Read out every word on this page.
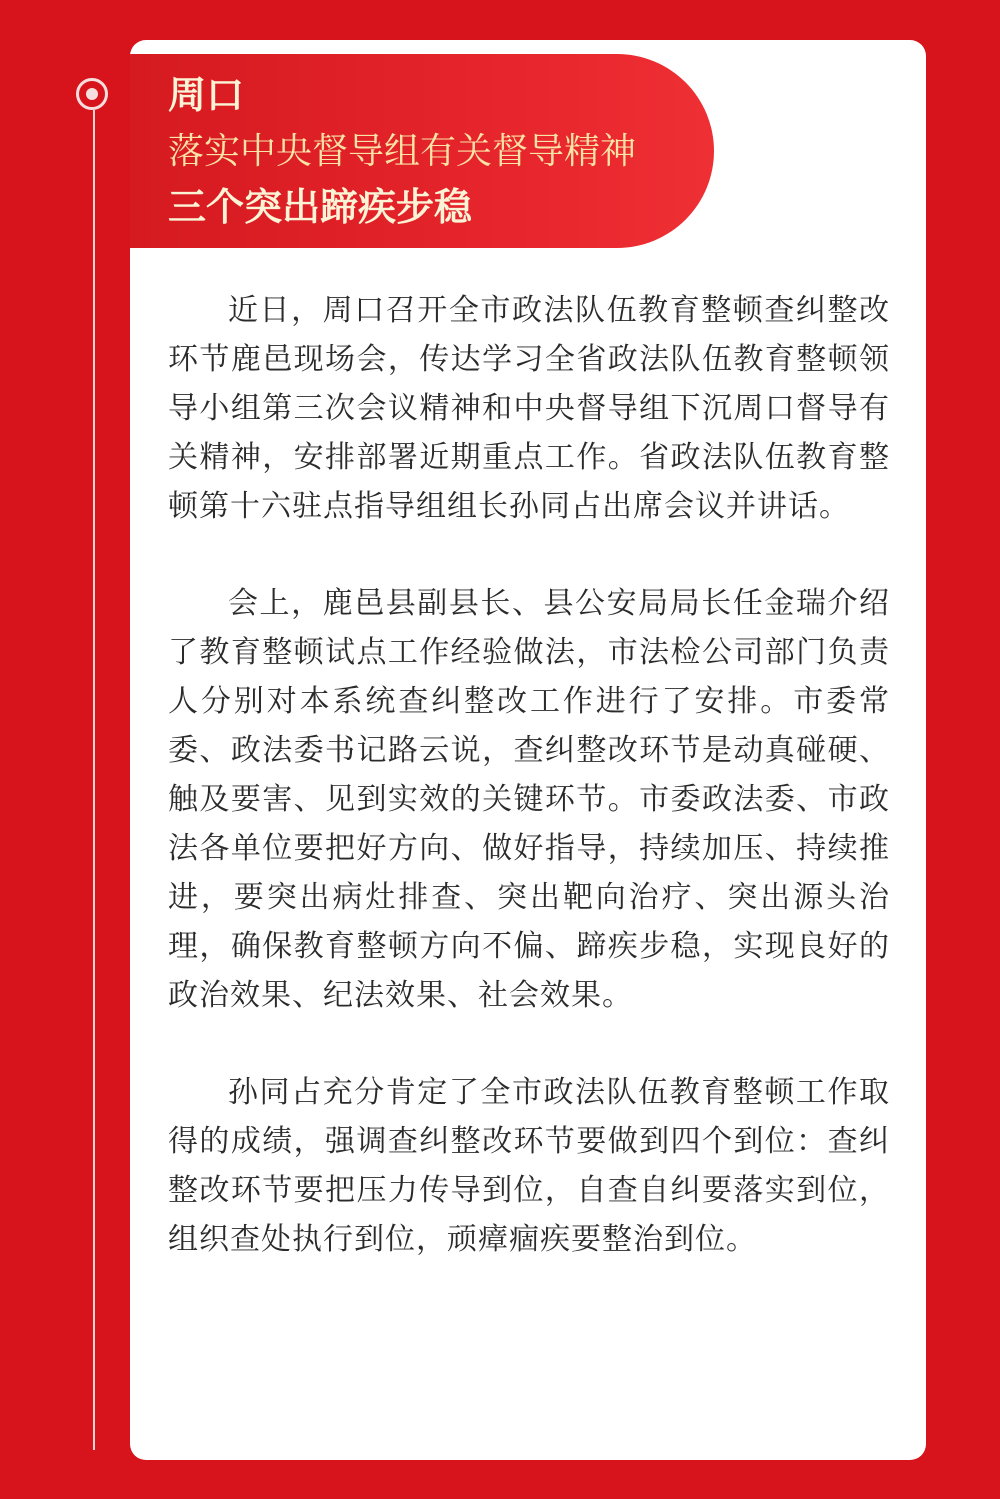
周口
落实中央督导组有关督导精神
三个突出蹄疾步稳

近日，周口召开全市政法队伍教育整顿查纠整改环节鹿邑现场会，传达学习全省政法队伍教育整顿领导小组第三次会议精神和中央督导组下沉周口督导有关精神，安排部署近期重点工作。省政法队伍教育整顿第十六驻点指导组组长孙同占出席会议并讲话。

会上，鹿邑县副县长、县公安局局长任金瑞介绍了教育整顿试点工作经验做法，市法检公司部门负责人分别对本系统查纠整改工作进行了安排。市委常委、政法委书记路云说，查纠整改环节是动真碰硬、触及要害、见到实效的关键环节。市委政法委、市政法各单位要把好方向、做好指导，持续加压、持续推进，要突出病灶排查、突出靶向治疗、突出源头治理，确保教育整顿方向不偏、蹄疾步稳，实现良好的政治效果、纪法效果、社会效果。

孙同占充分肯定了全市政法队伍教育整顿工作取得的成绩，强调查纠整改环节要做到四个到位：查纠整改环节要把压力传导到位，自查自纠要落实到位，组织查处执行到位，顽瘴痼疾要整治到位。
